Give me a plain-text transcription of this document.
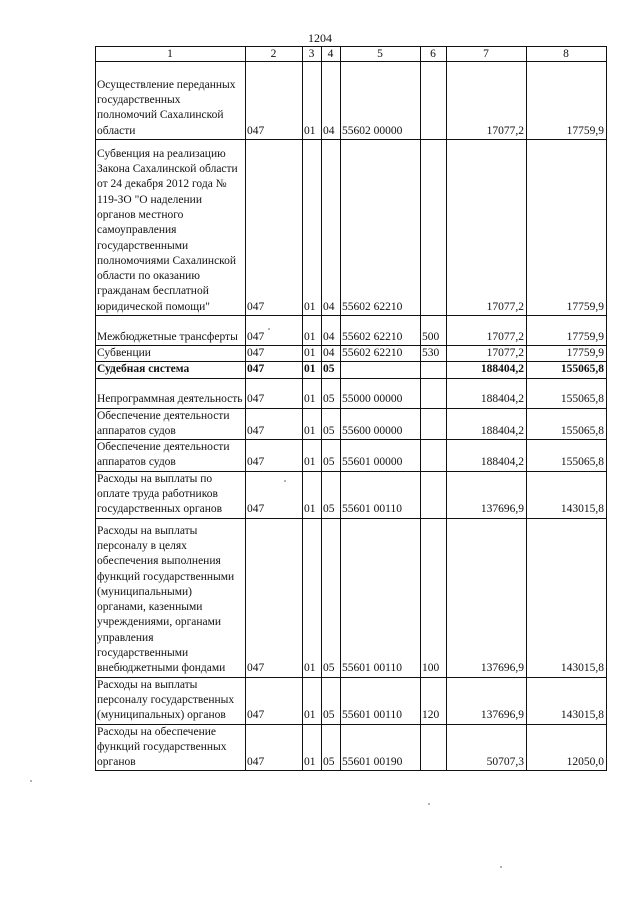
1204
1	2	3	4	5	6	7	8
Осуществление переданных государственных полномочий Сахалинской области	047	01	04	55602 00000		17077,2	17759,9
Субвенция на реализацию Закона Сахалинской области от 24 декабря 2012 года № 119-ЗО "О наделении органов местного самоуправления государственными полномочиями Сахалинской области по оказанию гражданам бесплатной юридической помощи"	047	01	04	55602 62210		17077,2	17759,9
Межбюджетные трансферты	047	01	04	55602 62210	500	17077,2	17759,9
Субвенции	047	01	04	55602 62210	530	17077,2	17759,9
Судебная система	047	01	05			188404,2	155065,8
Непрограммная деятельность	047	01	05	55000 00000		188404,2	155065,8
Обеспечение деятельности аппаратов судов	047	01	05	55600 00000		188404,2	155065,8
Обеспечение деятельности аппаратов судов	047	01	05	55601 00000		188404,2	155065,8
Расходы на выплаты по оплате труда работников государственных органов	047	01	05	55601 00110		137696,9	143015,8
Расходы на выплаты персоналу в целях обеспечения выполнения функций государственными (муниципальными) органами, казенными учреждениями, органами управления государственными внебюджетными фондами	047	01	05	55601 00110	100	137696,9	143015,8
Расходы на выплаты персоналу государственных (муниципальных) органов	047	01	05	55601 00110	120	137696,9	143015,8
Расходы на обеспечение функций государственных органов	047	01	05	55601 00190		50707,3	12050,0
